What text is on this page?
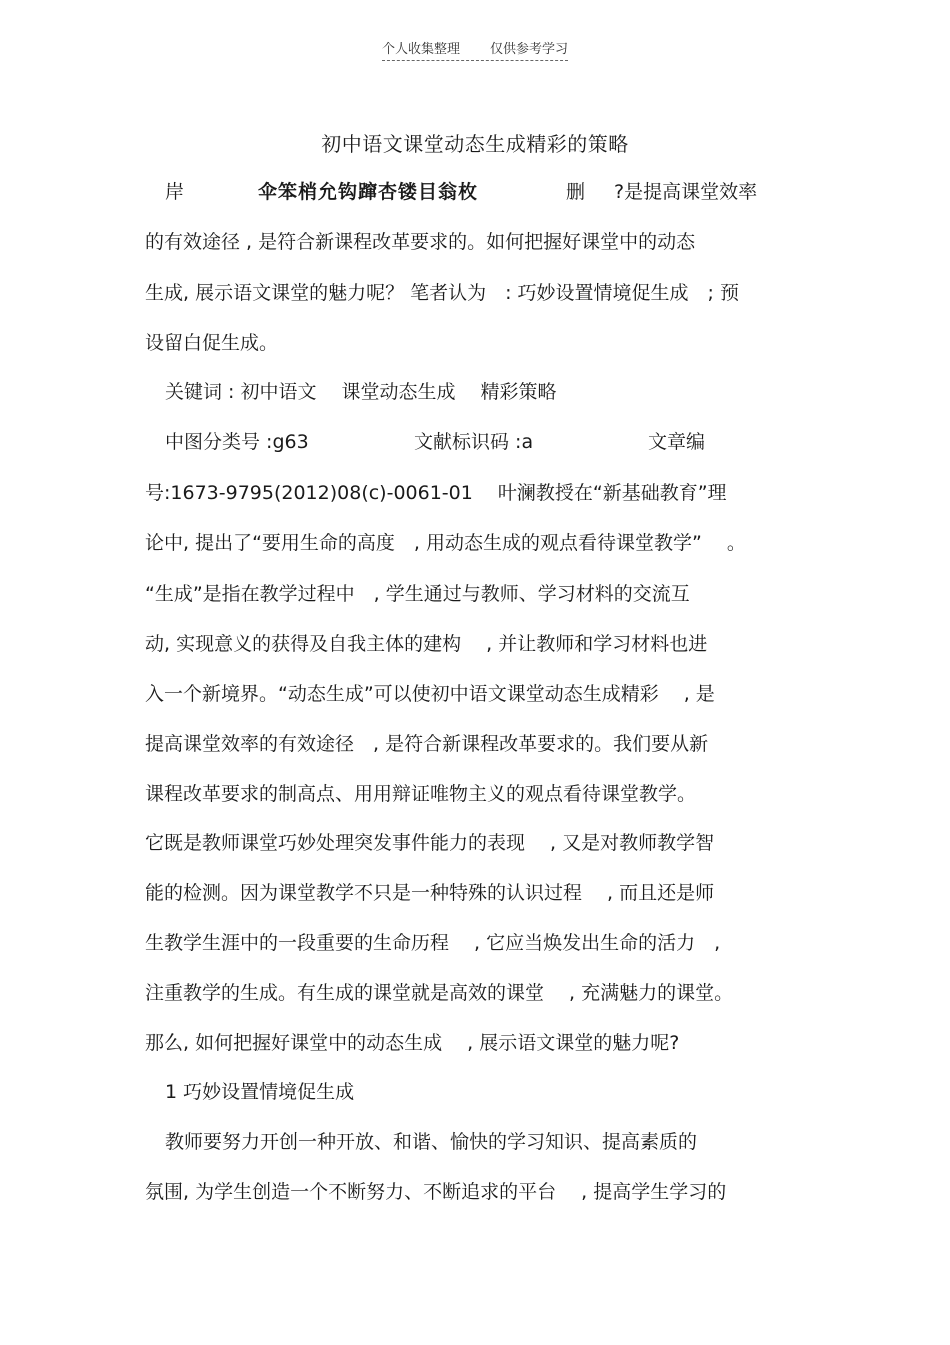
个人收集整理 仅供参考学习
初中语文课堂动态生成精彩的策略
岸	伞笨梢允钩蹿杏镂目翁枚	删 ?是提高课堂效率
的有效途径 , 是符合新课程改革要求的。如何把握好课堂中的动态
生成, 展示语文课堂的魅力呢？ 笔者认为　: 巧妙设置情境促生成　; 预
设留白促生成。
关键词 : 初中语文　 课堂动态生成　 精彩策略
中图分类号 :g63	文献标识码 :a	文章编
号:1673-9795(2012)08(c)-0061-01　 叶澜教授在“新基础教育”理
论中, 提出了“要用生命的高度　, 用动态生成的观点看待课堂教学”　 。
“生成”是指在教学过程中　, 学生通过与教师、学习材料的交流互
动, 实现意义的获得及自我主体的建构　 , 并让教师和学习材料也进
入一个新境界。“动态生成”可以使初中语文课堂动态生成精彩　 , 是
提高课堂效率的有效途径　, 是符合新课程改革要求的。我们要从新
课程改革要求的制高点、用用辩证唯物主义的观点看待课堂教学。
它既是教师课堂巧妙处理突发事件能力的表现　 , 又是对教师教学智
能的检测。因为课堂教学不只是一种特殊的认识过程　 , 而且还是师
生教学生涯中的一段重要的生命历程　 , 它应当焕发出生命的活力　,
注重教学的生成。有生成的课堂就是高效的课堂　 , 充满魅力的课堂。
那么, 如何把握好课堂中的动态生成　 , 展示语文课堂的魅力呢?
1 巧妙设置情境促生成
教师要努力开创一种开放、和谐、愉快的学习知识、提高素质的
氛围, 为学生创造一个不断努力、不断追求的平台　 , 提高学生学习的
